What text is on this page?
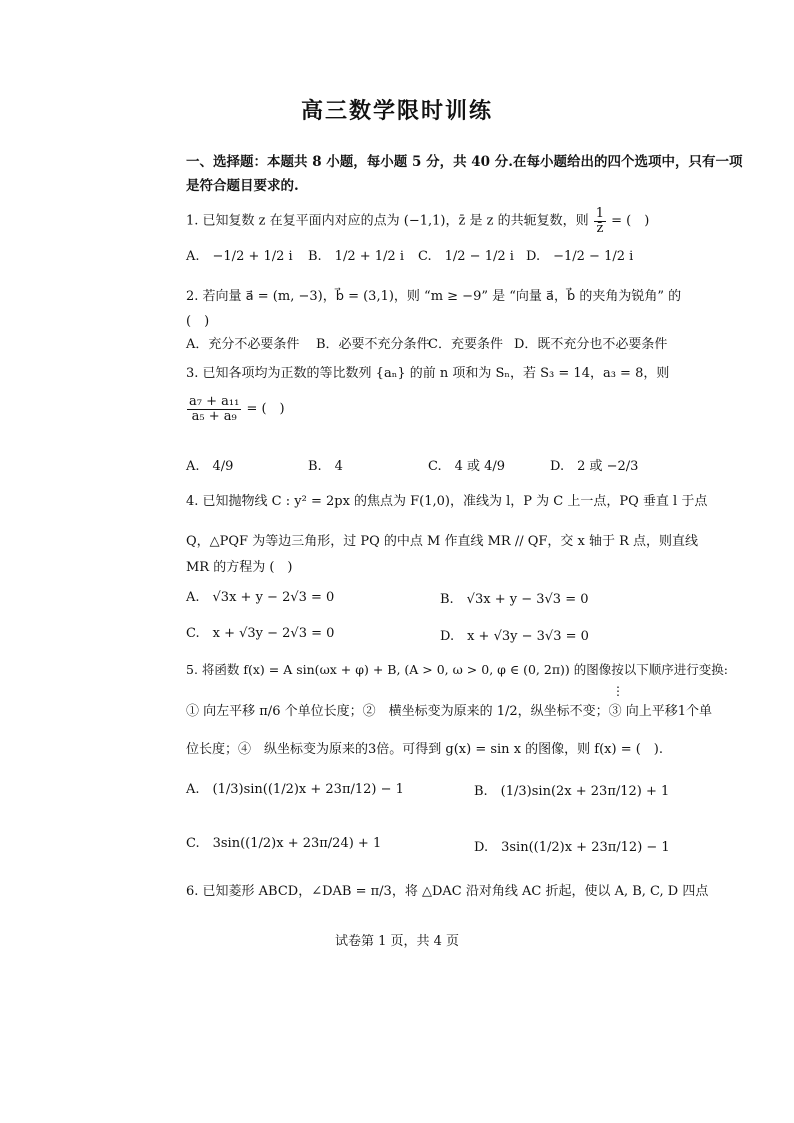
高三数学限时训练
一、选择题：本题共 8 小题，每小题 5 分，共 40 分.在每小题给出的四个选项中，只有一项
是符合题目要求的.
1. 已知复数 z 在复平面内对应的点为 (−1,1)，z̄ 是 z 的共轭复数，则 $\frac{1}{z̄}$ = (　)
A.　−1/2 + 1/2 i B.　1/2 + 1/2 i C.　1/2 − 1/2 i D.　−1/2 − 1/2 i
2. 若向量 a⃗ = (m, −3)，b⃗ = (3,1)，则 “m ≥ −9” 是 “向量 a⃗，b⃗ 的夹角为锐角” 的
(　)
A．充分不必要条件 B．必要不充分条件
C．充要条件 D．既不充分也不必要条件
3. 已知各项均为正数的等比数列 {aₙ} 的前 n 项和为 Sₙ，若 S₃ = 14，a₃ = 8，则
$\frac{\text{a₇ + a₁₁}}{\text{a₅ + a₉}}$ = (　)
A.　4/9	B.　4	C.　4 或 4/9	D.　2 或 −2/3
4. 已知抛物线 C : y² = 2px 的焦点为 F(1,0)，准线为 l，P 为 C 上一点，PQ 垂直 l 于点
Q，△PQF 为等边三角形，过 PQ 的中点 M 作直线 MR // QF，交 x 轴于 R 点，则直线
MR 的方程为 (　)
A.　√3x + y − 2√3 = 0	B.　√3x + y − 3√3 = 0
C.　x + √3y − 2√3 = 0	D.　x + √3y − 3√3 = 0
5. 将函数 f(x) = A sin(ωx + φ) + B, (A > 0, ω > 0, φ ∈ (0, 2π)) 的图像按以下顺序进行变换:
⋮
① 向左平移 π/6 个单位长度；②　横坐标变为原来的 1/2，纵坐标不变；③ 向上平移1个单
位长度；④　纵坐标变为原来的3倍。可得到 g(x) = sin x 的图像，则 f(x) = (　).
A.　(1/3)sin((1/2)x + 23π/12) − 1	B.　(1/3)sin(2x + 23π/12) + 1
C.　3sin((1/2)x + 23π/24) + 1	D.　3sin((1/2)x + 23π/12) − 1
6. 已知菱形 ABCD，∠DAB = π/3，将 △DAC 沿对角线 AC 折起，使以 A, B, C, D 四点
试卷第 1 页，共 4 页
